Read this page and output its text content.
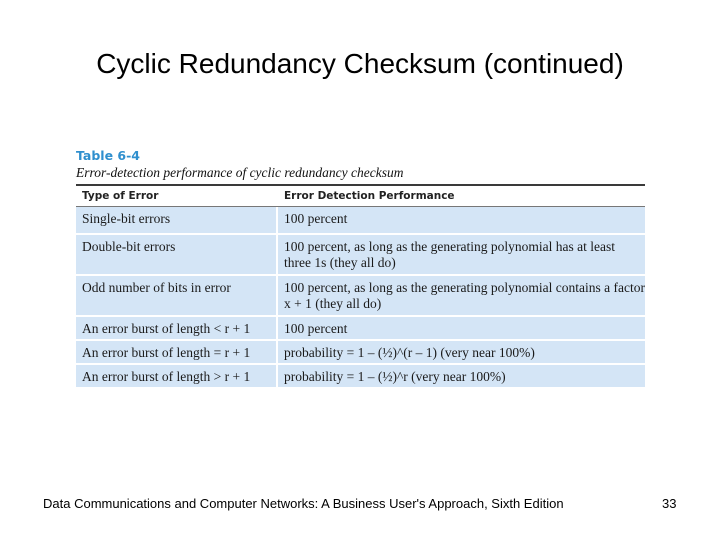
Cyclic Redundancy Checksum (continued)
Table 6-4
Error-detection performance of cyclic redundancy checksum
Type of Error	Error Detection Performance
Single-bit errors	100 percent
Double-bit errors	100 percent, as long as the generating polynomial has at least three 1s (they all do)
Odd number of bits in error	100 percent, as long as the generating polynomial contains a factor x + 1 (they all do)
An error burst of length < r + 1	100 percent
An error burst of length = r + 1	probability = 1 – (½)^(r – 1) (very near 100%)
An error burst of length > r + 1	probability = 1 – (½)^r (very near 100%)
Data Communications and Computer Networks: A Business User's Approach, Sixth Edition	33
